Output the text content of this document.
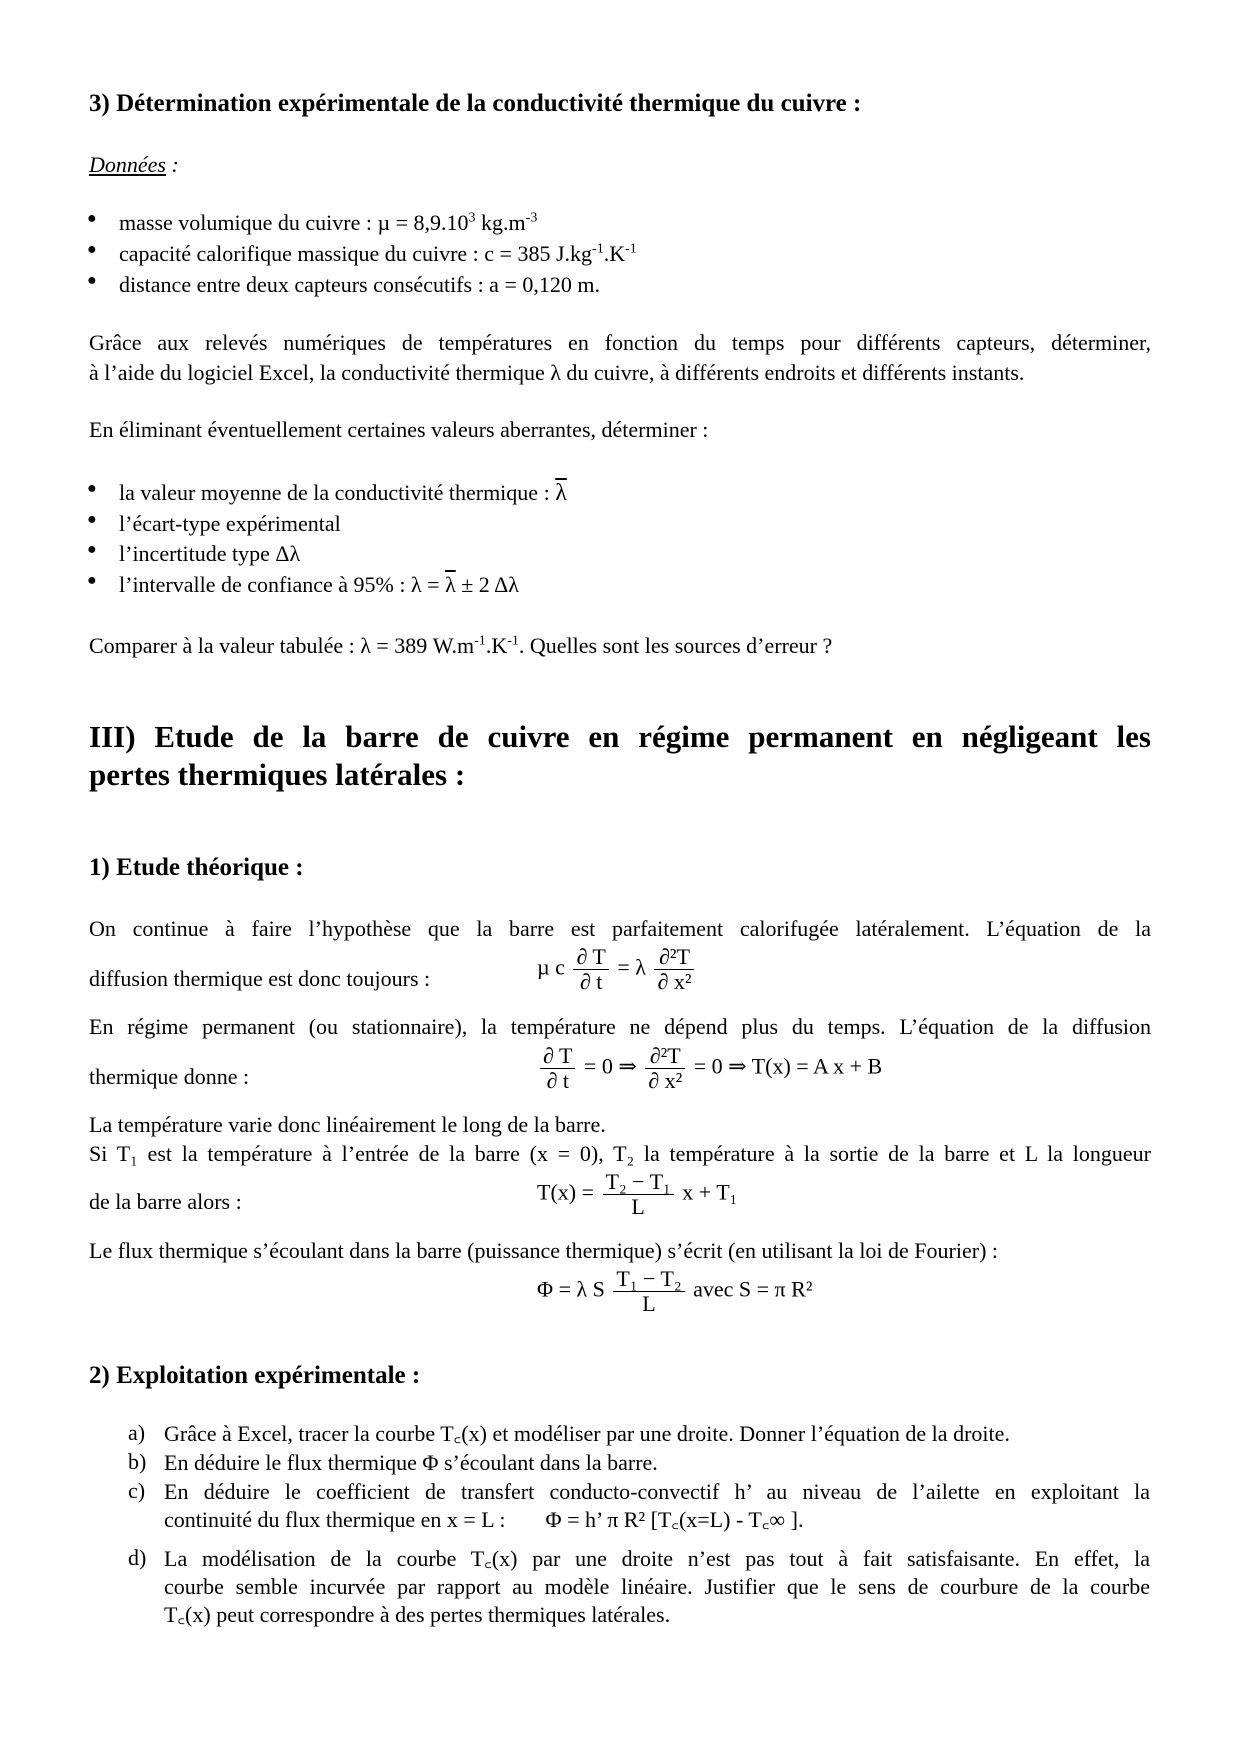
3) Détermination expérimentale de la conductivité thermique du cuivre :
Données :
● masse volumique du cuivre : $\mu = 8,9.10^3$ $kg.m^{-3}$
● capacité calorifique massique du cuivre : c = 385 $J.kg^{-1}.K^{-1}$
● distance entre deux capteurs consécutifs : a = 0,120 m.
Grâce aux relevés numériques de températures en fonction du temps pour différents capteurs, déterminer,
à l’aide du logiciel Excel, la conductivité thermique λ du cuivre, à différents endroits et différents instants.
En éliminant éventuellement certaines valeurs aberrantes, déterminer :
● la valeur moyenne de la conductivité thermique : $\overline{\lambda}$
● l’écart-type expérimental
● l’incertitude type Δλ
● l’intervalle de confiance à 95% : $\lambda = \overline{\lambda} \pm 2$ Δλ
Comparer à la valeur tabulée : λ = 389 $W.m^{-1}.K^{-1}$. Quelles sont les sources d’erreur ?
III) Etude de la barre de cuivre en régime permanent en négligeant les
pertes thermiques latérales :
1) Etude théorique :
On continue à faire l’hypothèse que la barre est parfaitement calorifugée latéralement. L’équation de la
diffusion thermique est donc toujours :	µ c $\frac{\partial T}{\partial t} = \lambda \frac{\text{∂²T}}{\text{∂ x²}}$
En régime permanent (ou stationnaire), la température ne dépend plus du temps. L’équation de la diffusion
thermique donne :	$\frac{\partial T}{\partial t} = 0$ ⇒ $\frac{\text{∂²T}}{\text{∂ x²}} = 0$ ⇒ T(x) = A x + B
La température varie donc linéairement le long de la barre.
Si T₁ est la température à l’entrée de la barre (x = 0), T₂ la température à la sortie de la barre et L la longueur
de la barre alors :	$T(x) = \frac{\text{T₂ − T₁}}{L}$ x + T₁
Le flux thermique s’écoulant dans la barre (puissance thermique) s’écrit (en utilisant la loi de Fourier) :
Φ = λ S $\frac{\text{T₁ − T₂}}{L}$ avec S = π R²
2) Exploitation expérimentale :
a) Grâce à Excel, tracer la courbe T꜀(x) et modéliser par une droite. Donner l’équation de la droite.
b) En déduire le flux thermique Φ s’écoulant dans la barre.
c) En déduire le coefficient de transfert conducto-convectif h’ au niveau de l’ailette en exploitant la
continuité du flux thermique en x = L : Φ = h’ π R² [T꜀(x=L) - T꜀∞ ].
d) La modélisation de la courbe T꜀(x) par une droite n’est pas tout à fait satisfaisante. En effet, la
courbe semble incurvée par rapport au modèle linéaire. Justifier que le sens de courbure de la courbe
T꜀(x) peut correspondre à des pertes thermiques latérales.
